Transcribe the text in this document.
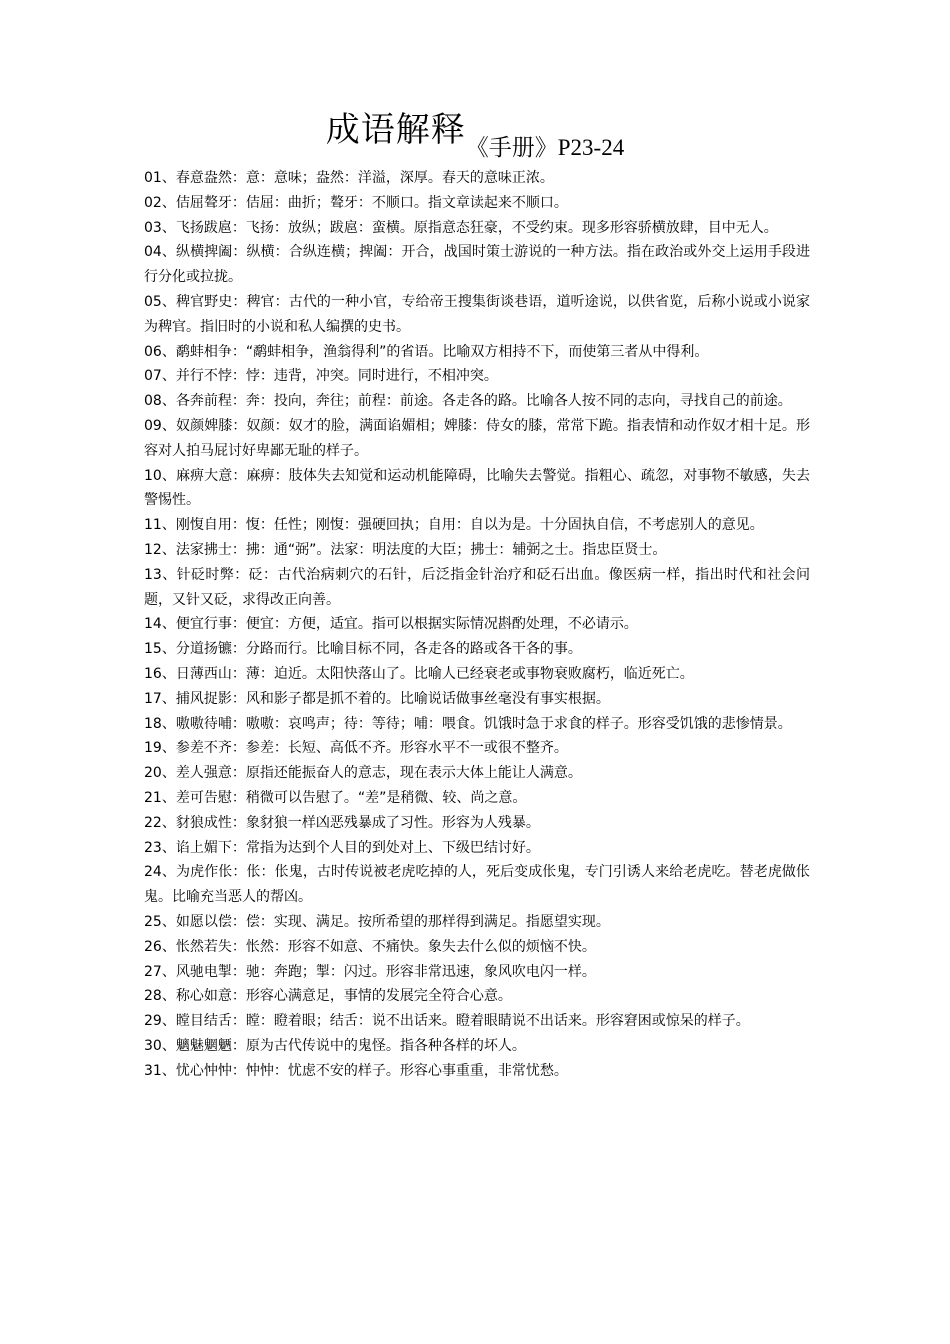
成语解释《手册》P23-24

01、春意盎然：意：意味；盎然：洋溢，深厚。春天的意味正浓。

02、佶屈聱牙：佶屈：曲折；聱牙：不顺口。指文章读起来不顺口。

03、飞扬跋扈：飞扬：放纵；跋扈：蛮横。原指意态狂豪，不受约束。现多形容骄横放肆，目中无人。

04、纵横捭阖：纵横：合纵连横；捭阖：开合，战国时策士游说的一种方法。指在政治或外交上运用手段进行分化或拉拢。

05、稗官野史：稗官：古代的一种小官，专给帝王搜集街谈巷语，道听途说，以供省览，后称小说或小说家为稗官。指旧时的小说和私人编撰的史书。

06、鹬蚌相争：“鹬蚌相争，渔翁得利”的省语。比喻双方相持不下，而使第三者从中得利。

07、并行不悖：悖：违背，冲突。同时进行，不相冲突。

08、各奔前程：奔：投向，奔往；前程：前途。各走各的路。比喻各人按不同的志向，寻找自己的前途。

09、奴颜婢膝：奴颜：奴才的脸，满面谄媚相；婢膝：侍女的膝，常常下跪。指表情和动作奴才相十足。形容对人拍马屁讨好卑鄙无耻的样子。

10、麻痹大意：麻痹：肢体失去知觉和运动机能障碍，比喻失去警觉。指粗心、疏忽，对事物不敏感，失去警惕性。

11、刚愎自用：愎：任性；刚愎：强硬回执；自用：自以为是。十分固执自信，不考虑别人的意见。

12、法家拂士：拂：通“弼”。法家：明法度的大臣；拂士：辅弼之士。指忠臣贤士。

13、针砭时弊：砭：古代治病刺穴的石针，后泛指金针治疗和砭石出血。像医病一样，指出时代和社会问题，又针又砭，求得改正向善。

14、便宜行事：便宜：方便，适宜。指可以根据实际情况斟酌处理，不必请示。

15、分道扬镳：分路而行。比喻目标不同，各走各的路或各干各的事。

16、日薄西山：薄：迫近。太阳快落山了。比喻人已经衰老或事物衰败腐朽，临近死亡。

17、捕风捉影：风和影子都是抓不着的。比喻说话做事丝毫没有事实根据。

18、嗷嗷待哺：嗷嗷：哀鸣声；待：等待；哺：喂食。饥饿时急于求食的样子。形容受饥饿的悲惨情景。

19、参差不齐：参差：长短、高低不齐。形容水平不一或很不整齐。

20、差人强意：原指还能振奋人的意志，现在表示大体上能让人满意。

21、差可告慰：稍微可以告慰了。“差”是稍微、较、尚之意。

22、豺狼成性：象豺狼一样凶恶残暴成了习性。形容为人残暴。

23、谄上媚下：常指为达到个人目的到处对上、下级巴结讨好。

24、为虎作伥：伥：伥鬼，古时传说被老虎吃掉的人，死后变成伥鬼，专门引诱人来给老虎吃。替老虎做伥鬼。比喻充当恶人的帮凶。

25、如愿以偿：偿：实现、满足。按所希望的那样得到满足。指愿望实现。

26、怅然若失：怅然：形容不如意、不痛快。象失去什么似的烦恼不快。

27、风驰电掣：驰：奔跑；掣：闪过。形容非常迅速，象风吹电闪一样。

28、称心如意：形容心满意足，事情的发展完全符合心意。

29、瞠目结舌：瞠：瞪着眼；结舌：说不出话来。瞪着眼睛说不出话来。形容窘困或惊呆的样子。

30、魑魅魍魉：原为古代传说中的鬼怪。指各种各样的坏人。

31、忧心忡忡：忡忡：忧虑不安的样子。形容心事重重，非常忧愁。
